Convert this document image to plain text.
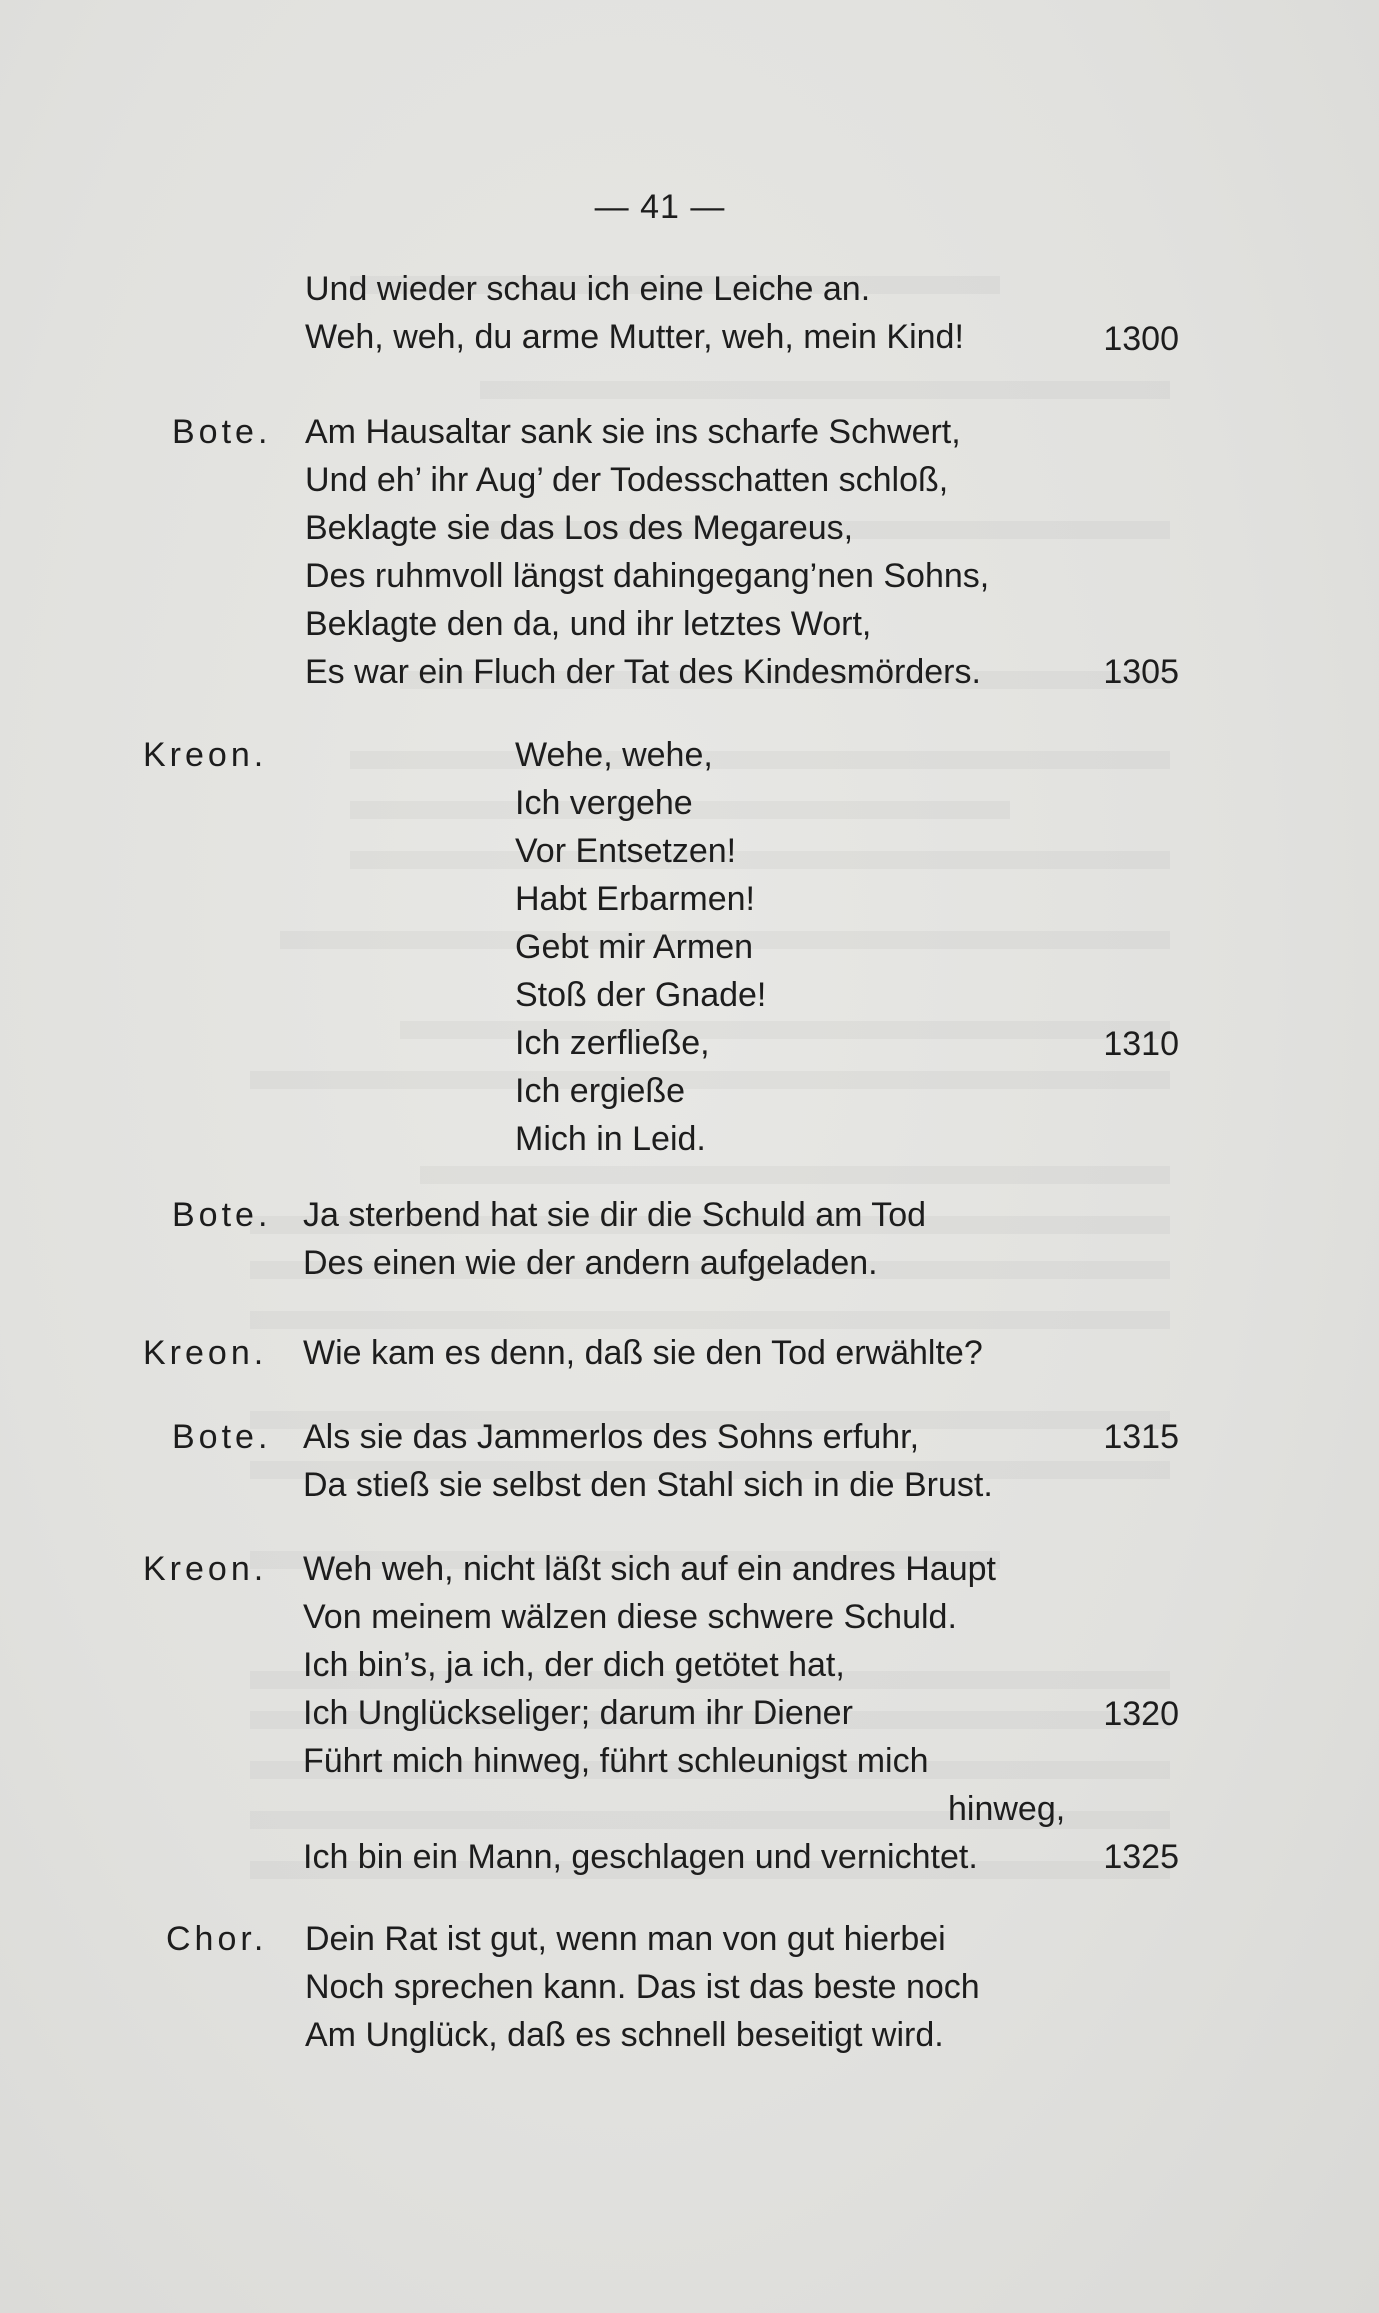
— 41 —
Und wieder schau ich eine Leiche an.
Weh, weh, du arme Mutter, weh, mein Kind!	1300
Bote. Am Hausaltar sank sie ins scharfe Schwert,
Und eh’ ihr Aug’ der Todesschatten schloß,
Beklagte sie das Los des Megareus,
Des ruhmvoll längst dahingegang’nen Sohns,
Beklagte den da, und ihr letztes Wort,
Es war ein Fluch der Tat des Kindesmörders.	1305
Kreon.	Wehe, wehe,
Ich vergehe
Vor Entsetzen!
Habt Erbarmen!
Gebt mir Armen
Stoß der Gnade!
Ich zerfließe,	1310
Ich ergieße
Mich in Leid.
Bote. Ja sterbend hat sie dir die Schuld am Tod
Des einen wie der andern aufgeladen.
Kreon. Wie kam es denn, daß sie den Tod erwählte?
Bote. Als sie das Jammerlos des Sohns erfuhr,	1315
Da stieß sie selbst den Stahl sich in die Brust.
Kreon. Weh weh, nicht läßt sich auf ein andres Haupt
Von meinem wälzen diese schwere Schuld.
Ich bin’s, ja ich, der dich getötet hat,
Ich Unglückseliger; darum ihr Diener	1320
Führt mich hinweg, führt schleunigst mich
hinweg,
Ich bin ein Mann, geschlagen und vernichtet.	1325
Chor. Dein Rat ist gut, wenn man von gut hierbei
Noch sprechen kann. Das ist das beste noch
Am Unglück, daß es schnell beseitigt wird.
